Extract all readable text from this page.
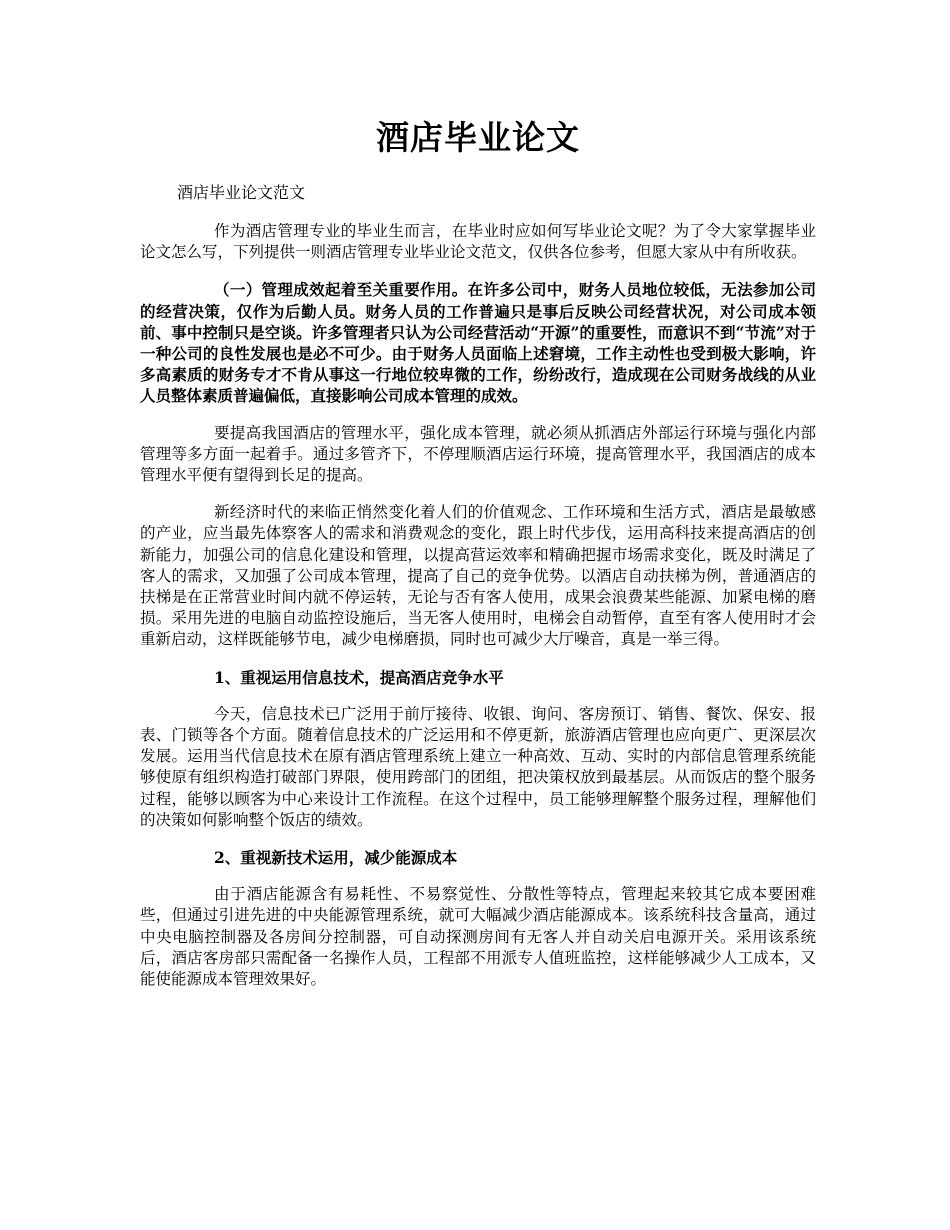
酒店毕业论文
酒店毕业论文范文

作为酒店管理专业的毕业生而言，在毕业时应如何写毕业论文呢？为了令大家掌握毕业论文怎么写，下列提供一则酒店管理专业毕业论文范文，仅供各位参考，但愿大家从中有所收获。

（一）管理成效起着至关重要作用。在许多公司中，财务人员地位较低，无法参加公司的经营决策，仅作为后勤人员。财务人员的工作普遍只是事后反映公司经营状况，对公司成本领前、事中控制只是空谈。许多管理者只认为公司经营活动“开源”的重要性，而意识不到“节流”对于一种公司的良性发展也是必不可少。由于财务人员面临上述窘境，工作主动性也受到极大影响，许多高素质的财务专才不肯从事这一行地位较卑微的工作，纷纷改行，造成现在公司财务战线的从业人员整体素质普遍偏低，直接影响公司成本管理的成效。

要提高我国酒店的管理水平，强化成本管理，就必须从抓酒店外部运行环境与强化内部管理等多方面一起着手。通过多管齐下，不停理顺酒店运行环境，提高管理水平，我国酒店的成本管理水平便有望得到长足的提高。

新经济时代的来临正悄然变化着人们的价值观念、工作环境和生活方式，酒店是最敏感的产业，应当最先体察客人的需求和消费观念的变化，跟上时代步伐，运用高科技来提高酒店的创新能力，加强公司的信息化建设和管理，以提高营运效率和精确把握市场需求变化，既及时满足了客人的需求，又加强了公司成本管理，提高了自己的竞争优势。以酒店自动扶梯为例，普通酒店的扶梯是在正常营业时间内就不停运转，无论与否有客人使用，成果会浪费某些能源、加紧电梯的磨损。采用先进的电脑自动监控设施后，当无客人使用时，电梯会自动暂停，直至有客人使用时才会重新启动，这样既能够节电，减少电梯磨损，同时也可减少大厅噪音，真是一举三得。

1、重视运用信息技术，提高酒店竞争水平

今天，信息技术已广泛用于前厅接待、收银、询问、客房预订、销售、餐饮、保安、报表、门锁等各个方面。随着信息技术的广泛运用和不停更新，旅游酒店管理也应向更广、更深层次发展。运用当代信息技术在原有酒店管理系统上建立一种高效、互动、实时的内部信息管理系统能够使原有组织构造打破部门界限，使用跨部门的团组，把决策权放到最基层。从而饭店的整个服务过程，能够以顾客为中心来设计工作流程。在这个过程中，员工能够理解整个服务过程，理解他们的决策如何影响整个饭店的绩效。

2、重视新技术运用，减少能源成本

由于酒店能源含有易耗性、不易察觉性、分散性等特点，管理起来较其它成本要困难些，但通过引进先进的中央能源管理系统，就可大幅减少酒店能源成本。该系统科技含量高，通过中央电脑控制器及各房间分控制器，可自动探测房间有无客人并自动关启电源开关。采用该系统后，酒店客房部只需配备一名操作人员，工程部不用派专人值班监控，这样能够减少人工成本，又能使能源成本管理效果好。
